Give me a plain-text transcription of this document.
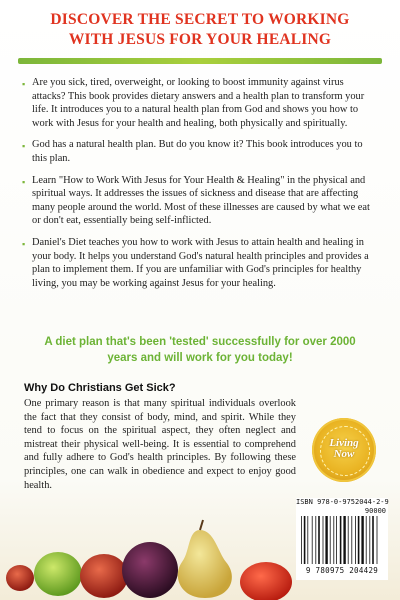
DISCOVER THE SECRET TO WORKING
WITH JESUS FOR YOUR HEALING
▪ Are you sick, tired, overweight, or looking to boost immunity against virus attacks? This book provides dietary answers and a health plan to transform your life. It introduces you to a natural health plan from God and shows you how to work with Jesus for your health and healing, both physically and spiritually.
▪ God has a natural health plan. But do you know it? This book introduces you to this plan.
▪ Learn "How to Work With Jesus for Your Health & Healing" in the physical and spiritual ways. It addresses the issues of sickness and disease that are affecting many people around the world. Most of these illnesses are caused by what we eat or don't eat, essentially being self-inflicted.
▪ Daniel's Diet teaches you how to work with Jesus to attain health and healing in your body. It helps you understand God's natural health principles and provides a plan to implement them. If you are unfamiliar with God's principles for healthy living, you may be working against Jesus for your healing.
A diet plan that's been 'tested' successfully for over 2000
years and will work for you today!
Why Do Christians Get Sick?
One primary reason is that many spiritual individuals overlook the fact that they consist of body, mind, and spirit. While they tend to focus on the spiritual aspect, they often neglect and mistreat their physical well-being. It is essential to comprehend and fully adhere to God's health principles. By following these principles, one can walk in obedience and expect to enjoy good health.
Living
Now
ISBN 978-0-9752044-2-9
90000
9 780975 204429
